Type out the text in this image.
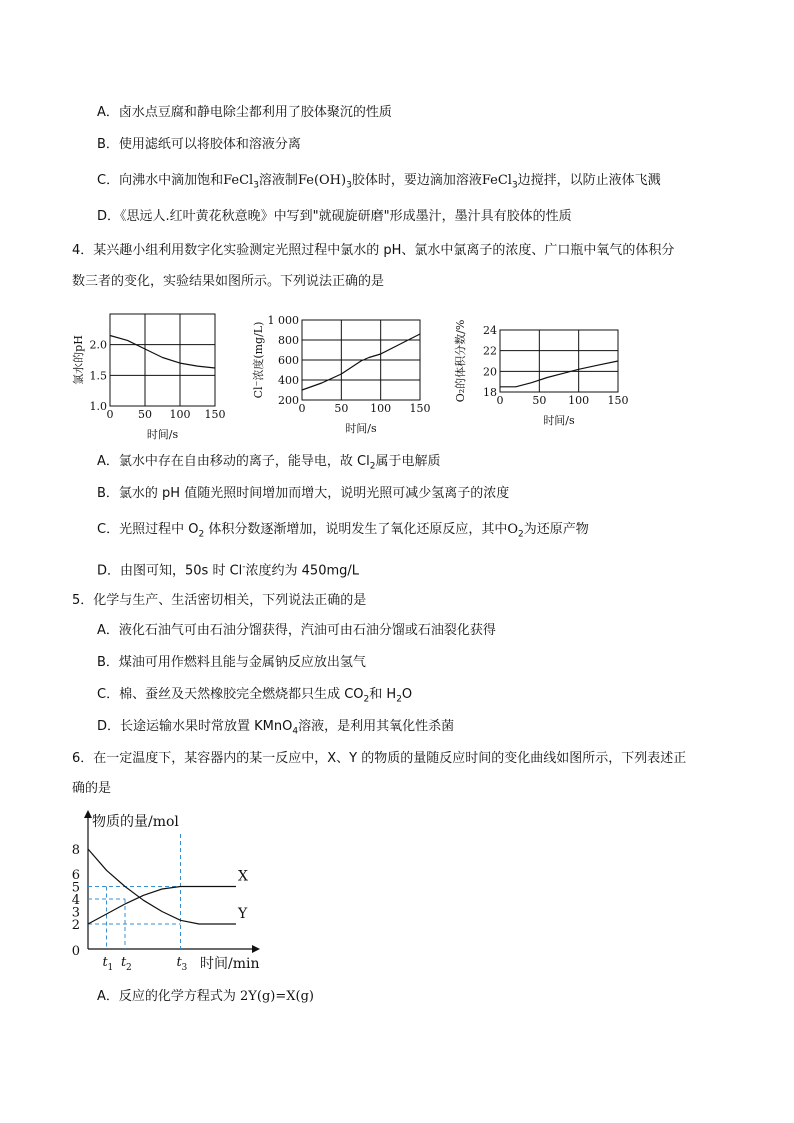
A．卤水点豆腐和静电除尘都利用了胶体聚沉的性质
B．使用滤纸可以将胶体和溶液分离
C．向沸水中滴加饱和FeCl$_3$溶液制$Fe(OH)_3$胶体时，要边滴加溶液FeCl$_3$边搅拌，以防止液体飞溅
D．《思远人.红叶黄花秋意晚》中写到"就砚旋研磨"形成墨汁，墨汁具有胶体的性质
4．某兴趣小组利用数字化实验测定光照过程中氯水的 pH、氯水中氯离子的浓度、广口瓶中氧气的体积分
数三者的变化，实验结果如图所示。下列说法正确的是
0 50 100 150
1.0
1.5
2.0
时间/s
氯水的pH
0	50 100 150
200
400
600
800
1 000
时间/s
Cl⁻浓度(mg/L)
0	50 100 150
18
20
22
24
时间/s
O₂的体积分数/%
A．氯水中存在自由移动的离子，能导电，故 $Cl_2$属于电解质
B．氯水的 pH 值随光照时间增加而增大，说明光照可减少氢离子的浓度
C．光照过程中 $O_2$ 体积分数逐渐增加，说明发生了氧化还原反应，其中$O_2$为还原产物
D．由图可知，50s 时 Cl-浓度约为 450mg/L
5．化学与生产、生活密切相关，下列说法正确的是
A．液化石油气可由石油分馏获得，汽油可由石油分馏或石油裂化获得
B．煤油可用作燃料且能与金属钠反应放出氢气
C．棉、蚕丝及天然橡胶完全燃烧都只生成 $CO_2$和 $H_2O$
D．长途运输水果时常放置 KMnO$_4$溶液，是利用其氧化性杀菌
6．在一定温度下，某容器内的某一反应中，X、Y 的物质的量随反应时间的变化曲线如图所示，下列表述正
确的是
物质的量/mol
时间/min
0
2
3
4
5
6
8
X
Y
t 1 t 2	t 3
A．反应的化学方程式为 2Y(g)=X(g)
